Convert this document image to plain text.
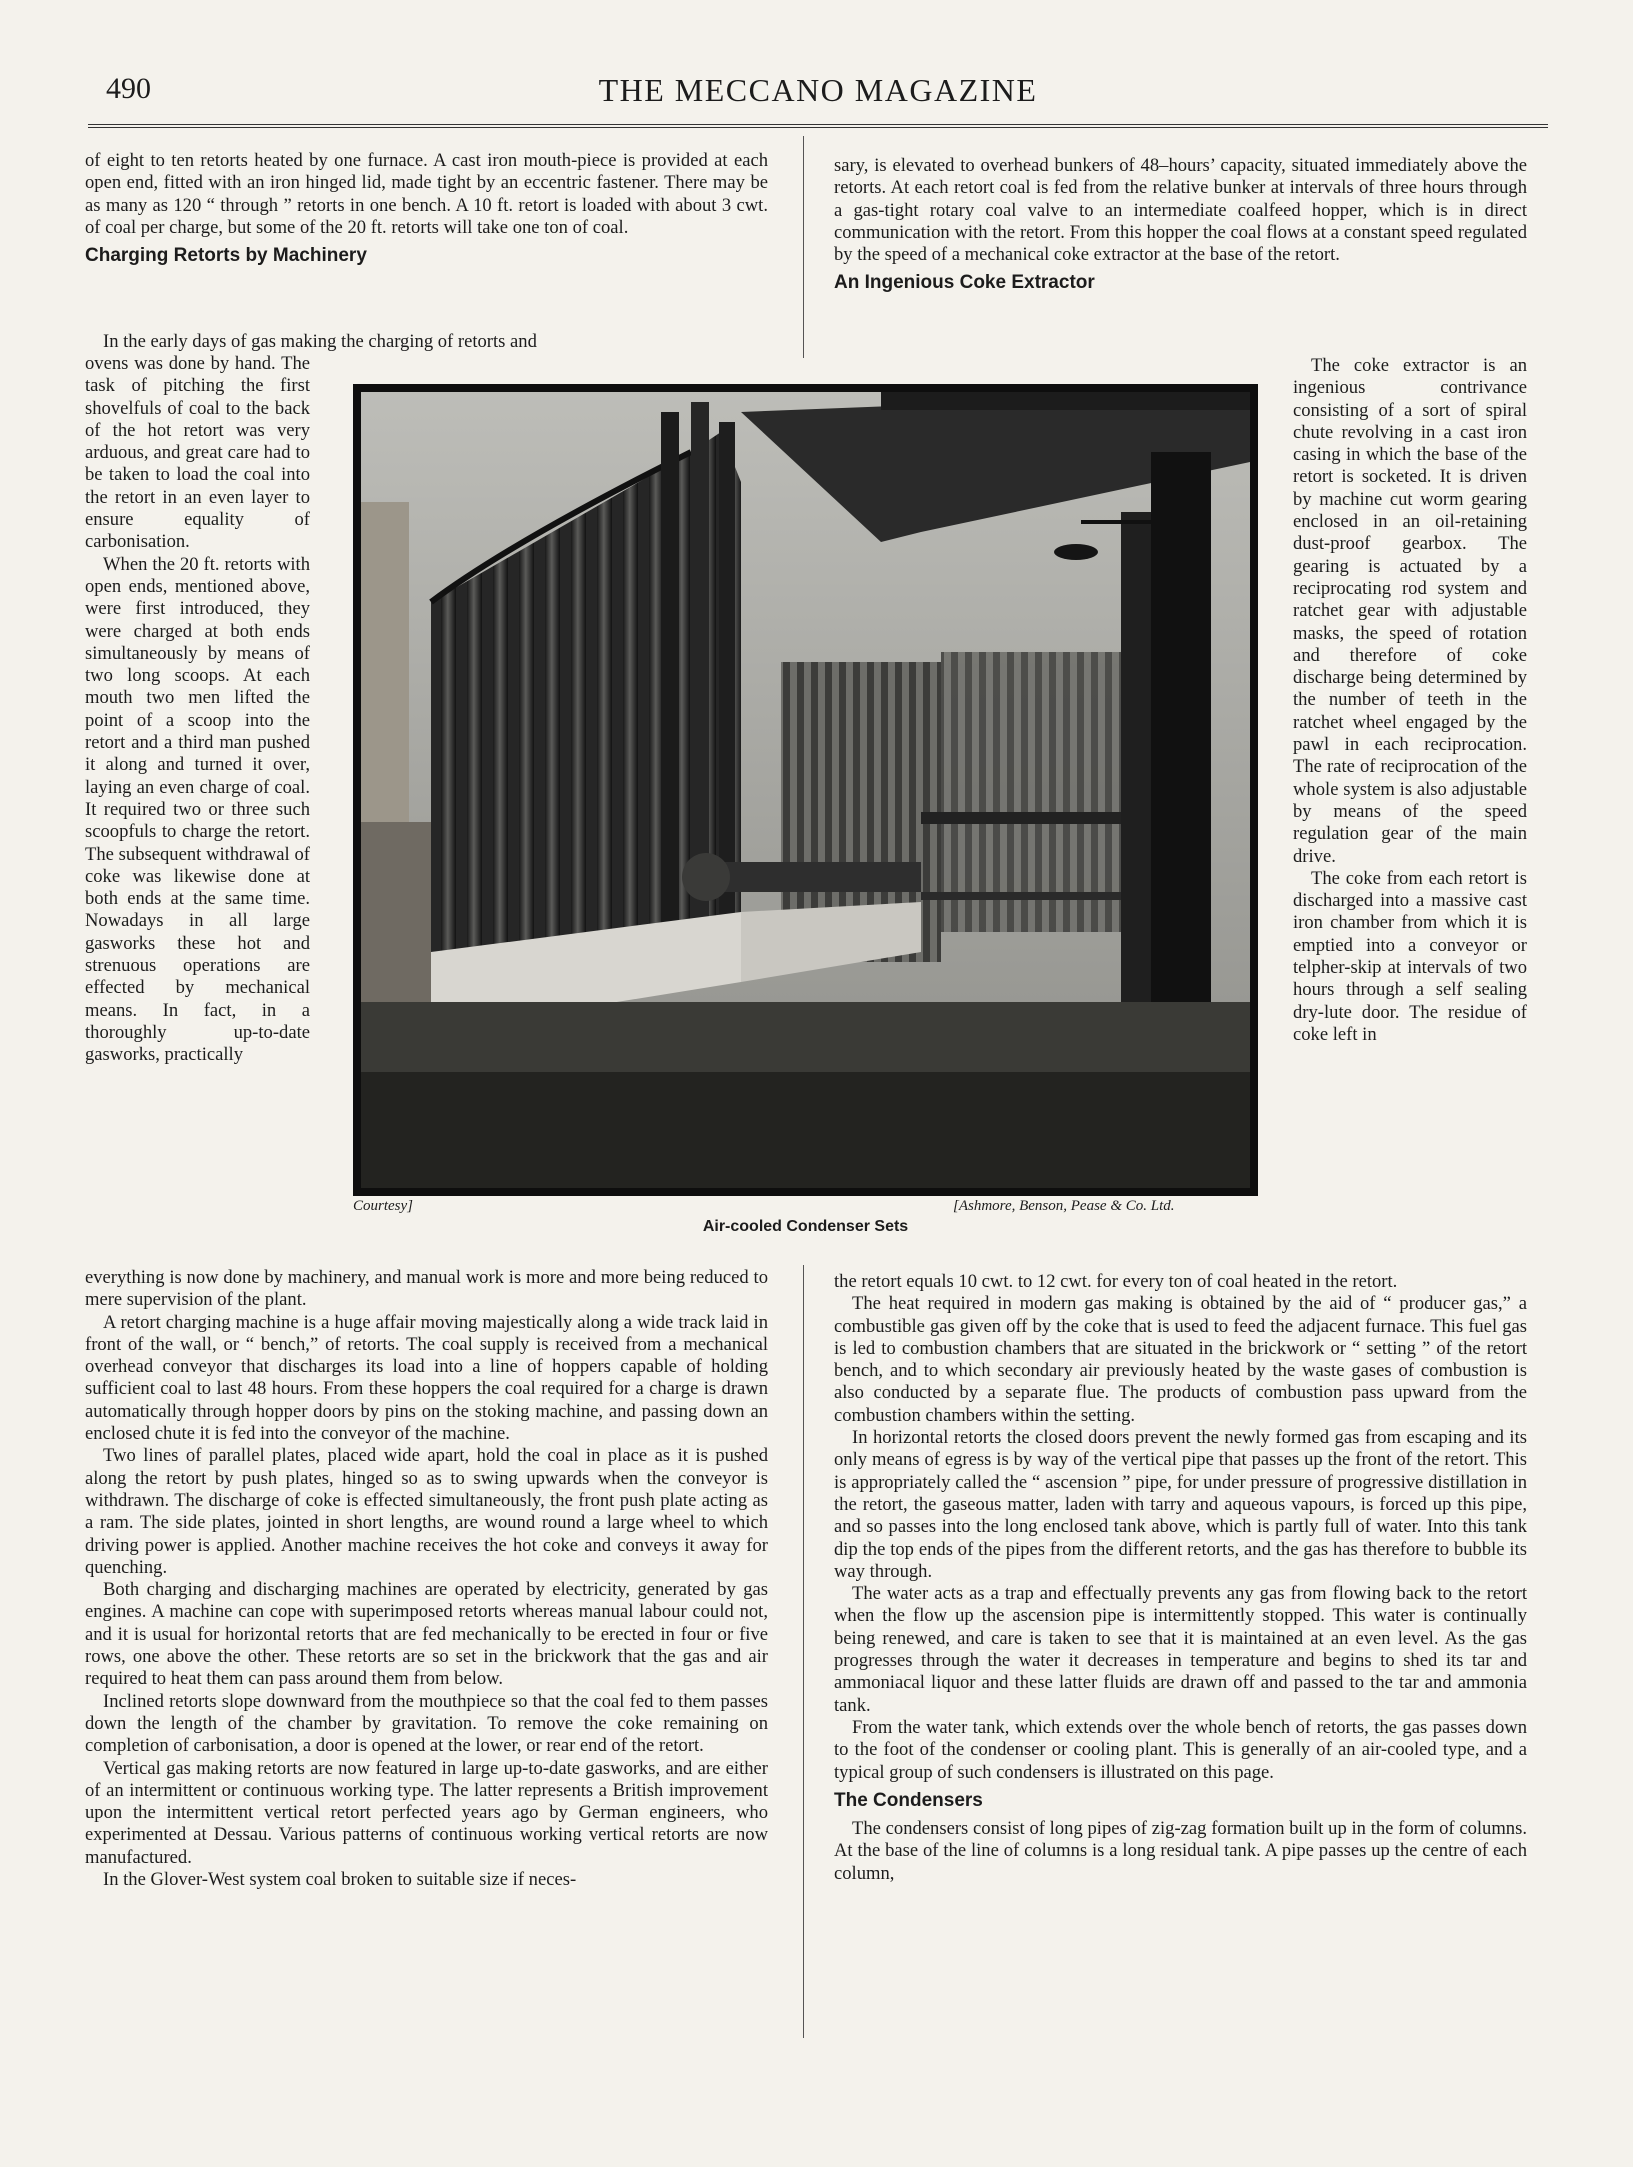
490	THE MECCANO MAGAZINE

of eight to ten retorts heated by one furnace. A cast iron mouth-piece is provided at each open end, fitted with an iron hinged lid, made tight by an eccentric fastener. There may be as many as 120 “ through ” retorts in one bench. A 10 ft. retort is loaded with about 3 cwt. of coal per charge, but some of the 20 ft. retorts will take one ton of coal.

Charging Retorts by Machinery

In the early days of gas making the charging of retorts and

ovens was done by hand. The task of pitching the first shovelfuls of coal to the back of the hot retort was very arduous, and great care had to be taken to load the coal into the retort in an even layer to ensure equality of carbonisation.

When the 20 ft. retorts with open ends, mentioned above, were first introduced, they were charged at both ends simultaneously by means of two long scoops. At each mouth two men lifted the point of a scoop into the retort and a third man pushed it along and turned it over, laying an even charge of coal. It required two or three such scoopfuls to charge the retort. The subsequent withdrawal of coke was likewise done at both ends at the same time. Nowadays in all large gasworks these hot and strenuous operations are effected by mechanical means. In fact, in a thoroughly up-to-date gasworks, practically

sary, is elevated to overhead bunkers of 48–hours’ capacity, situated immediately above the retorts. At each retort coal is fed from the relative bunker at intervals of three hours through a gas-tight rotary coal valve to an intermediate coalfeed hopper, which is in direct communication with the retort. From this hopper the coal flows at a constant speed regulated by the speed of a mechanical coke extractor at the base of the retort.

An Ingenious Coke Extractor

The coke extractor is an ingenious contrivance consisting of a sort of spiral chute revolving in a cast iron casing in which the base of the retort is socketed. It is driven by machine cut worm gearing enclosed in an oil-retaining dust-proof gearbox. The gearing is actuated by a reciprocating rod system and ratchet gear with adjustable masks, the speed of rotation and therefore of coke discharge being determined by the number of teeth in the ratchet wheel engaged by the pawl in each reciprocation. The rate of reciprocation of the whole system is also adjustable by means of the speed regulation gear of the main drive.

The coke from each retort is discharged into a massive cast iron chamber from which it is emptied into a conveyor or telpher-skip at intervals of two hours through a self sealing dry-lute door. The residue of coke left in

Courtesy]	[Ashmore, Benson, Pease & Co. Ltd.
Air-cooled Condenser Sets

everything is now done by machinery, and manual work is more and more being reduced to mere supervision of the plant.

A retort charging machine is a huge affair moving majestically along a wide track laid in front of the wall, or “ bench,” of retorts. The coal supply is received from a mechanical overhead conveyor that discharges its load into a line of hoppers capable of holding sufficient coal to last 48 hours. From these hoppers the coal required for a charge is drawn automatically through hopper doors by pins on the stoking machine, and passing down an enclosed chute it is fed into the conveyor of the machine.

Two lines of parallel plates, placed wide apart, hold the coal in place as it is pushed along the retort by push plates, hinged so as to swing upwards when the conveyor is withdrawn. The discharge of coke is effected simultaneously, the front push plate acting as a ram. The side plates, jointed in short lengths, are wound round a large wheel to which driving power is applied. Another machine receives the hot coke and conveys it away for quenching.

Both charging and discharging machines are operated by electricity, generated by gas engines. A machine can cope with superimposed retorts whereas manual labour could not, and it is usual for horizontal retorts that are fed mechanically to be erected in four or five rows, one above the other. These retorts are so set in the brickwork that the gas and air required to heat them can pass around them from below.

Inclined retorts slope downward from the mouthpiece so that the coal fed to them passes down the length of the chamber by gravitation. To remove the coke remaining on completion of carbonisation, a door is opened at the lower, or rear end of the retort.

Vertical gas making retorts are now featured in large up-to-date gasworks, and are either of an intermittent or continuous working type. The latter represents a British improvement upon the intermittent vertical retort perfected years ago by German engineers, who experimented at Dessau. Various patterns of continuous working vertical retorts are now manufactured.

In the Glover-West system coal broken to suitable size if neces-

the retort equals 10 cwt. to 12 cwt. for every ton of coal heated in the retort.

The heat required in modern gas making is obtained by the aid of “ producer gas,” a combustible gas given off by the coke that is used to feed the adjacent furnace. This fuel gas is led to combustion chambers that are situated in the brickwork or “ setting ” of the retort bench, and to which secondary air previously heated by the waste gases of combustion is also conducted by a separate flue. The products of combustion pass upward from the combustion chambers within the setting.

In horizontal retorts the closed doors prevent the newly formed gas from escaping and its only means of egress is by way of the vertical pipe that passes up the front of the retort. This is appropriately called the “ ascension ” pipe, for under pressure of progressive distillation in the retort, the gaseous matter, laden with tarry and aqueous vapours, is forced up this pipe, and so passes into the long enclosed tank above, which is partly full of water. Into this tank dip the top ends of the pipes from the different retorts, and the gas has therefore to bubble its way through.

The water acts as a trap and effectually prevents any gas from flowing back to the retort when the flow up the ascension pipe is intermittently stopped. This water is continually being renewed, and care is taken to see that it is maintained at an even level. As the gas progresses through the water it decreases in temperature and begins to shed its tar and ammoniacal liquor and these latter fluids are drawn off and passed to the tar and ammonia tank.

From the water tank, which extends over the whole bench of retorts, the gas passes down to the foot of the condenser or cooling plant. This is generally of an air-cooled type, and a typical group of such condensers is illustrated on this page.

The Condensers

The condensers consist of long pipes of zig-zag formation built up in the form of columns. At the base of the line of columns is a long residual tank. A pipe passes up the centre of each column,
